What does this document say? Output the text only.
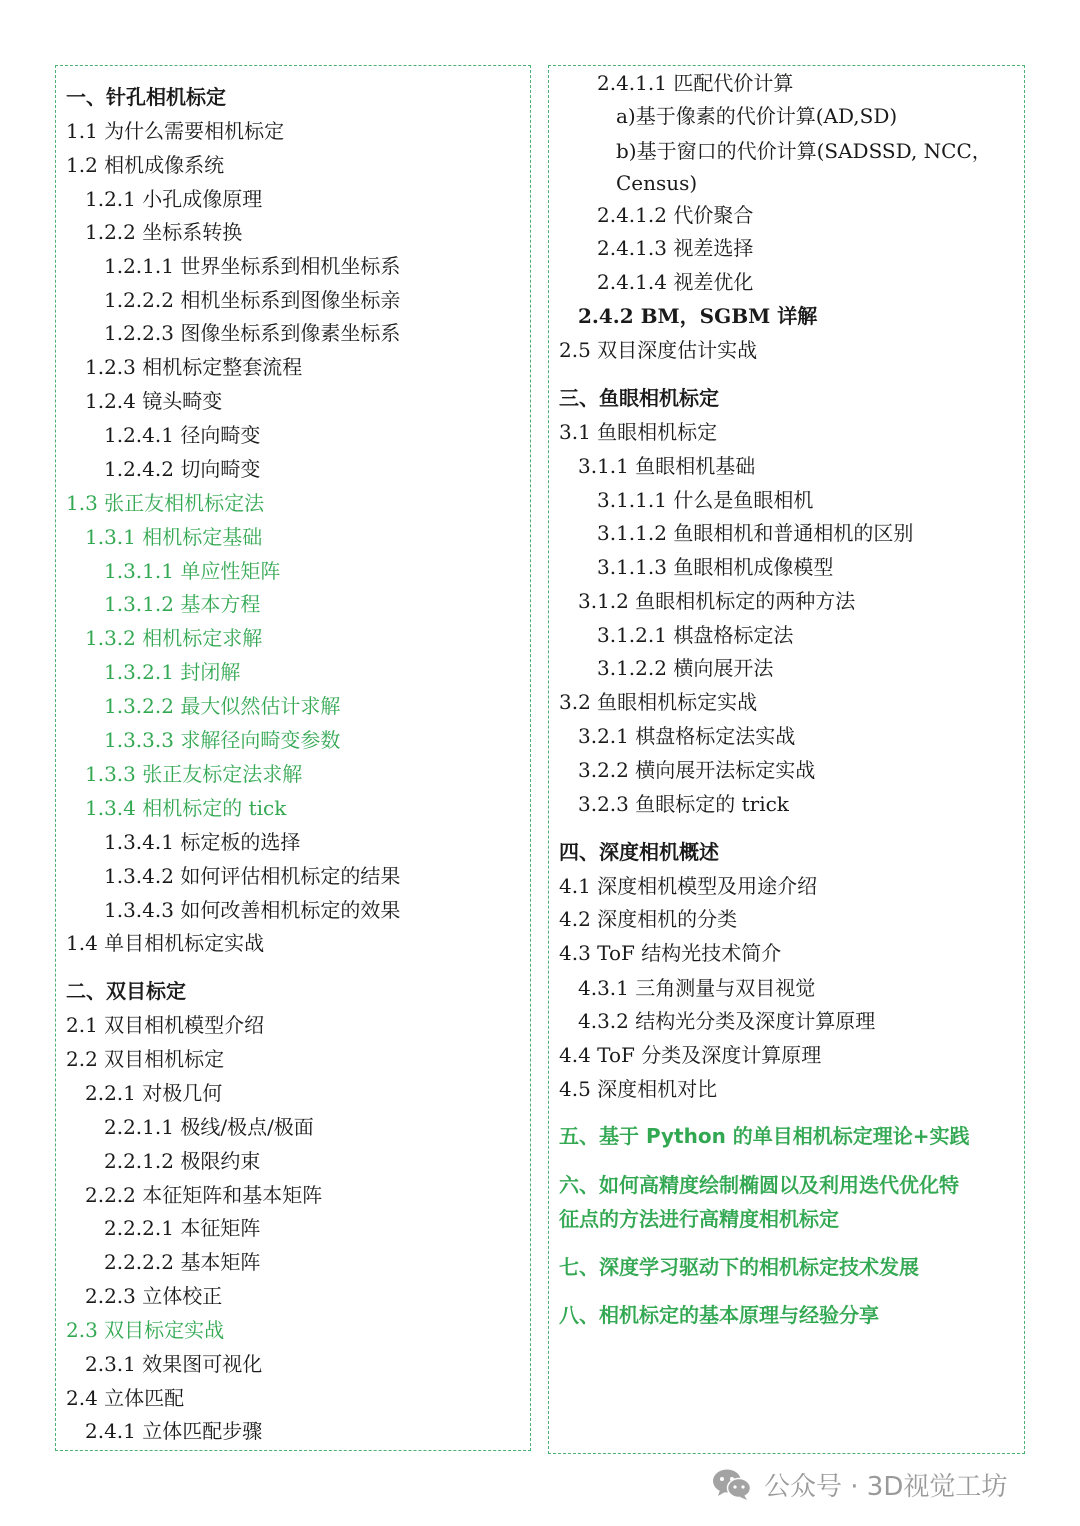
一、针孔相机标定
1.1 为什么需要相机标定
1.2 相机成像系统
1.2.1 小孔成像原理
1.2.2 坐标系转换
1.2.1.1 世界坐标系到相机坐标系
1.2.2.2 相机坐标系到图像坐标亲
1.2.2.3 图像坐标系到像素坐标系
1.2.3 相机标定整套流程
1.2.4 镜头畸变
1.2.4.1 径向畸变
1.2.4.2 切向畸变
1.3 张正友相机标定法
1.3.1 相机标定基础
1.3.1.1 单应性矩阵
1.3.1.2 基本方程
1.3.2 相机标定求解
1.3.2.1 封闭解
1.3.2.2 最大似然估计求解
1.3.3.3 求解径向畸变参数
1.3.3 张正友标定法求解
1.3.4 相机标定的 tick
1.3.4.1 标定板的选择
1.3.4.2 如何评估相机标定的结果
1.3.4.3 如何改善相机标定的效果
1.4 单目相机标定实战
二、双目标定
2.1 双目相机模型介绍
2.2 双目相机标定
2.2.1 对极几何
2.2.1.1 极线/极点/极面
2.2.1.2 极限约束
2.2.2 本征矩阵和基本矩阵
2.2.2.1 本征矩阵
2.2.2.2 基本矩阵
2.2.3 立体校正
2.3 双目标定实战
2.3.1 效果图可视化
2.4 立体匹配
2.4.1 立体匹配步骤
2.4.1.1 匹配代价计算
a)基于像素的代价计算(AD,SD)
b)基于窗口的代价计算(SADSSD, NCC，
Census)
2.4.1.2 代价聚合
2.4.1.3 视差选择
2.4.1.4 视差优化
2.4.2 BM，SGBM 详解
2.5 双目深度估计实战
三、鱼眼相机标定
3.1 鱼眼相机标定
3.1.1 鱼眼相机基础
3.1.1.1 什么是鱼眼相机
3.1.1.2 鱼眼相机和普通相机的区别
3.1.1.3 鱼眼相机成像模型
3.1.2 鱼眼相机标定的两种方法
3.1.2.1 棋盘格标定法
3.1.2.2 横向展开法
3.2 鱼眼相机标定实战
3.2.1 棋盘格标定法实战
3.2.2 横向展开法标定实战
3.2.3 鱼眼标定的 trick
四、深度相机概述
4.1 深度相机模型及用途介绍
4.2 深度相机的分类
4.3 ToF 结构光技术简介
4.3.1 三角测量与双目视觉
4.3.2 结构光分类及深度计算原理
4.4 ToF 分类及深度计算原理
4.5 深度相机对比
五、基于 Python 的单目相机标定理论+实践
六、如何高精度绘制椭圆以及利用迭代优化特
征点的方法进行高精度相机标定
七、深度学习驱动下的相机标定技术发展
八、相机标定的基本原理与经验分享
公众号 · 3D视觉工坊
